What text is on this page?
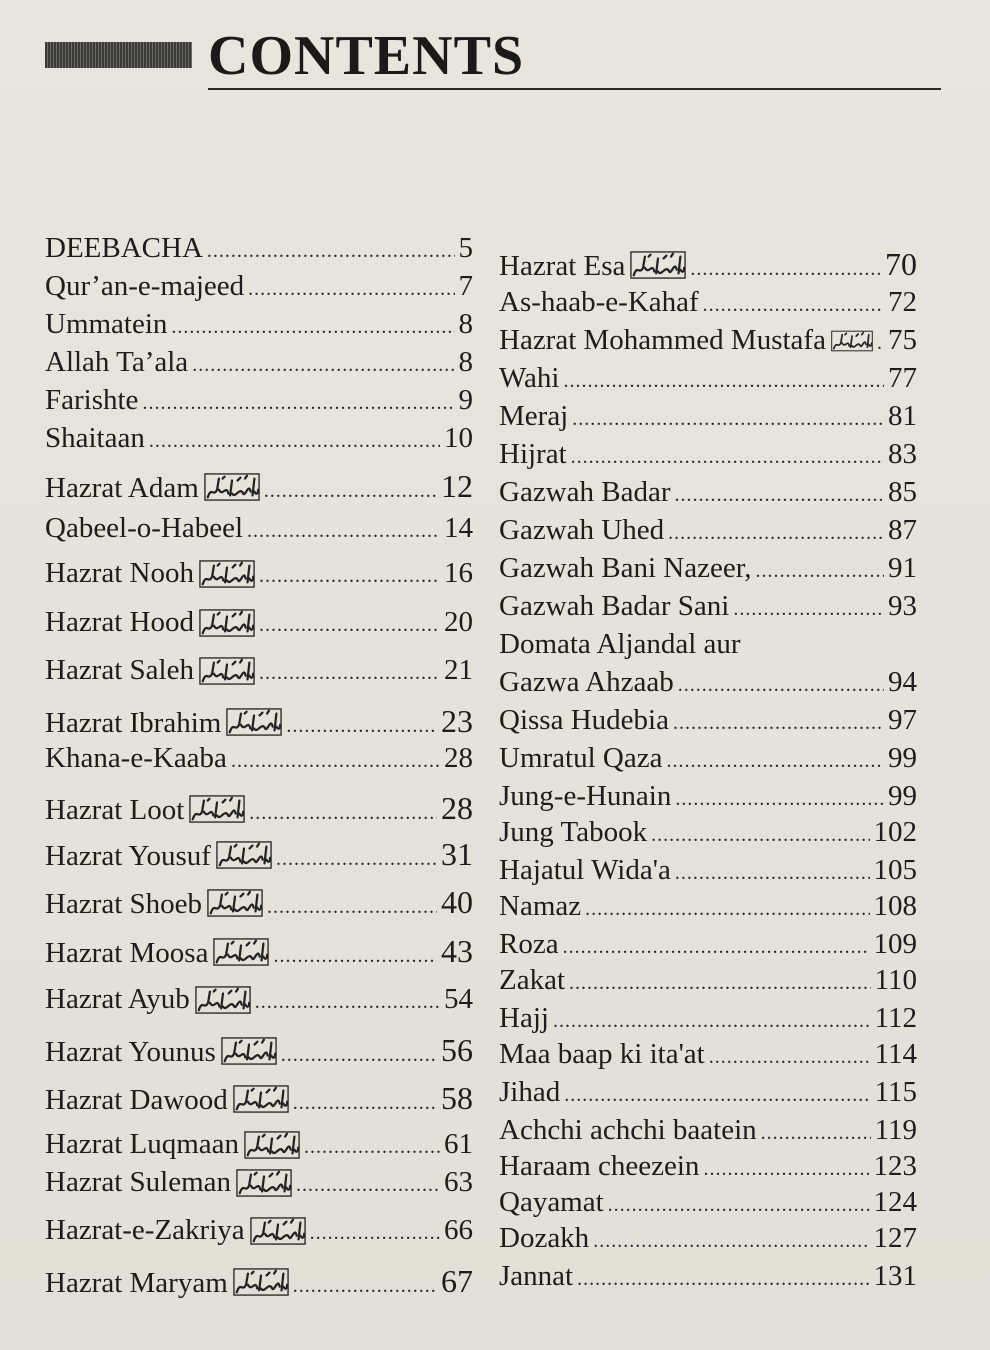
CONTENTS
DEEBACHA .....	5
Qur’an-e-majeed .....	7
Ummatein .....	8
Allah Ta’ala .....	8
Farishte .....	9
Shaitaan .....	10
Hazrat Adam .....	12
Qabeel-o-Habeel .....	14
Hazrat Nooh .....	16
Hazrat Hood .....	20
Hazrat Saleh .....	21
Hazrat Ibrahim .....	23
Khana-e-Kaaba .....	28
Hazrat Loot .....	28
Hazrat Yousuf .....	31
Hazrat Shoeb .....	40
Hazrat Moosa .....	43
Hazrat Ayub .....	54
Hazrat Younus .....	56
Hazrat Dawood .....	58
Hazrat Luqmaan .....	61
Hazrat Suleman .....	63
Hazrat-e-Zakriya .....	66
Hazrat Maryam .....	67
Hazrat Esa .....	70
As-haab-e-Kahaf .....	72
Hazrat Mohammed Mustafa ..... 75
Wahi .....	77
Meraj .....	81
Hijrat .....	83
Gazwah Badar .....	85
Gazwah Uhed .....	87
Gazwah Bani Nazeer, .....	91
Gazwah Badar Sani .....	93
Domata Aljandal aur
Gazwa Ahzaab .....	94
Qissa Hudebia .....	97
Umratul Qaza .....	99
Jung-e-Hunain .....	99
Jung Tabook .....	102
Hajatul Wida'a .....	105
Namaz .....	108
Roza .....	109
Zakat .....	110
Hajj .....	112
Maa baap ki ita'at .....	114
Jihad .....	115
Achchi achchi baatein .....	119
Haraam cheezein .....	123
Qayamat .....	124
Dozakh .....	127
Jannat .....	131
